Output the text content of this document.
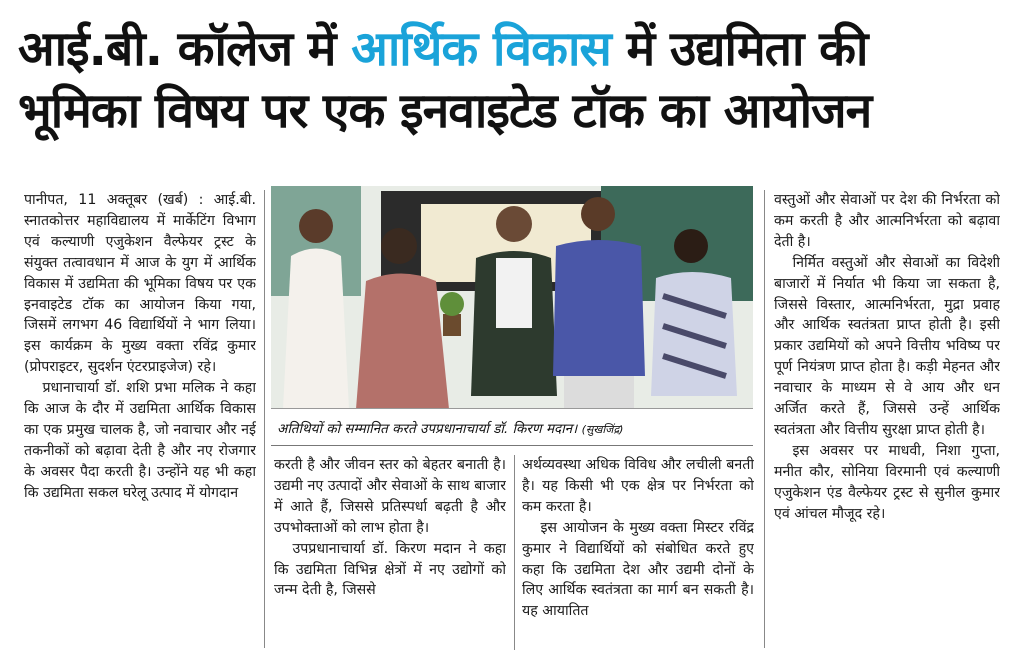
आई.बी. कॉलेज में आर्थिक विकास में उद्यमिता की
भूमिका विषय पर एक इनवाइटेड टॉक का आयोजन

पानीपत, 11 अक्तूबर (खर्ब) : आई.बी. स्नातकोत्तर महाविद्यालय में मार्केटिंग विभाग एवं कल्याणी एजुकेशन वैल्फेयर ट्रस्ट के संयुक्त तत्वावधान में आज के युग में आर्थिक विकास में उद्यमिता की भूमिका विषय पर एक इनवाइटेड टॉक का आयोजन किया गया, जिसमें लगभग 46 विद्यार्थियों ने भाग लिया। इस कार्यक्रम के मुख्य वक्ता रविंद्र कुमार (प्रोपराइटर, सुदर्शन एंटरप्राइजेज) रहे।

प्रधानाचार्या डॉ. शशि प्रभा मलिक ने कहा कि आज के दौर में उद्यमिता आर्थिक विकास का एक प्रमुख चालक है, जो नवाचार और नई तकनीकों को बढ़ावा देती है और नए रोजगार के अवसर पैदा करती है। उन्होंने यह भी कहा कि उद्यमिता सकल घरेलू उत्पाद में योगदान

अतिथियों को सम्मानित करते उपप्रधानाचार्या डॉ. किरण मदान। (सुखजिंद्र)

करती है और जीवन स्तर को बेहतर बनाती है। उद्यमी नए उत्पादों और सेवाओं के साथ बाजार में आते हैं, जिससे प्रतिस्पर्धा बढ़ती है और उपभोक्ताओं को लाभ होता है।

उपप्रधानाचार्या डॉ. किरण मदान ने कहा कि उद्यमिता विभिन्न क्षेत्रों में नए उद्योगों को जन्म देती है, जिससे

अर्थव्यवस्था अधिक विविध और लचीली बनती है। यह किसी भी एक क्षेत्र पर निर्भरता को कम करता है।

इस आयोजन के मुख्य वक्ता मिस्टर रविंद्र कुमार ने विद्यार्थियों को संबोधित करते हुए कहा कि उद्यमिता देश और उद्यमी दोनों के लिए आर्थिक स्वतंत्रता का मार्ग बन सकती है। यह आयातित

वस्तुओं और सेवाओं पर देश की निर्भरता को कम करती है और आत्मनिर्भरता को बढ़ावा देती है।

निर्मित वस्तुओं और सेवाओं का विदेशी बाजारों में निर्यात भी किया जा सकता है, जिससे विस्तार, आत्मनिर्भरता, मुद्रा प्रवाह और आर्थिक स्वतंत्रता प्राप्त होती है। इसी प्रकार उद्यमियों को अपने वित्तीय भविष्य पर पूर्ण नियंत्रण प्राप्त होता है। कड़ी मेहनत और नवाचार के माध्यम से वे आय और धन अर्जित करते हैं, जिससे उन्हें आर्थिक स्वतंत्रता और वित्तीय सुरक्षा प्राप्त होती है।

इस अवसर पर माधवी, निशा गुप्ता, मनीत कौर, सोनिया विरमानी एवं कल्याणी एजुकेशन एंड वैल्फेयर ट्रस्ट से सुनील कुमार एवं आंचल मौजूद रहे।
